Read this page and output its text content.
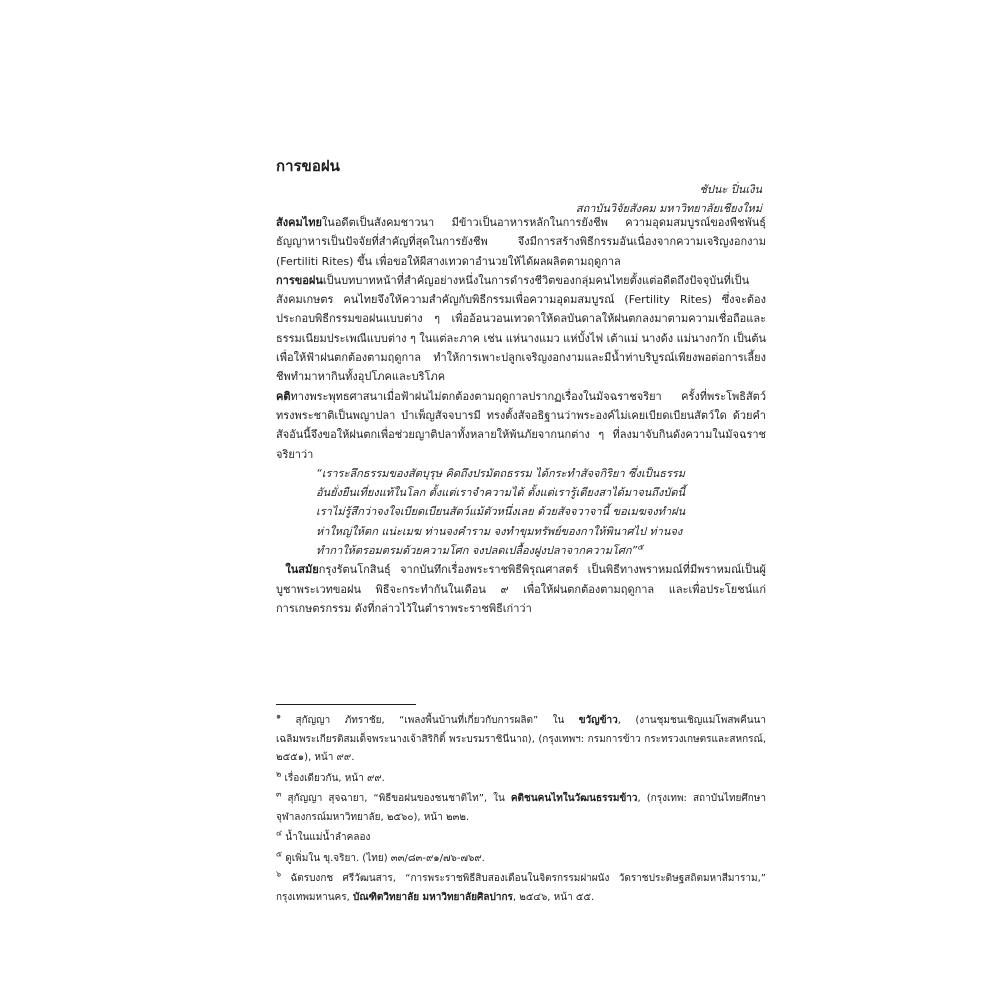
การขอฝน
ชัปนะ ปิ่นเงิน
สถาบันวิจัยสังคม มหาวิทยาลัยเชียงใหม่

สังคมไทยในอดีตเป็นสังคมชาวนา มีข้าวเป็นอาหารหลักในการยังชีพ ความอุดมสมบูรณ์ของพืชพันธุ์ธัญญาหารเป็นปัจจัยที่สำคัญที่สุดในการยังชีพ จึงมีการสร้างพิธีกรรมอันเนื่องจากความเจริญงอกงาม (Fertiliti Rites) ขึ้น เพื่อขอให้ผีสางเทวดาอำนวยให้ได้ผลผลิตตามฤดูกาล

การขอฝนเป็นบทบาทหน้าที่สำคัญอย่างหนึ่งในการดำรงชีวิตของกลุ่มคนไทยตั้งแต่อดีตถึงปัจจุบันที่เป็นสังคมเกษตร คนไทยจึงให้ความสำคัญกับพิธีกรรมเพื่อความอุดมสมบูรณ์ (Fertility Rites) ซึ่งจะต้องประกอบพิธีกรรมขอฝนแบบต่าง ๆ เพื่ออ้อนวอนเทวดาให้ดลบันดาลให้ฝนตกลงมาตามความเชื่อถือและธรรมเนียมประเพณีแบบต่าง ๆ ในแต่ละภาค เช่น แห่นางแมว แห่บั้งไฟ เต้าแม่ นางด้ง แม่นางกวัก เป็นต้น เพื่อให้ฟ้าฝนตกต้องตามฤดูกาล ทำให้การเพาะปลูกเจริญงอกงามและมีน้ำท่าบริบูรณ์เพียงพอต่อการเลี้ยงชีพทำมาหากินทั้งอุปโภคและบริโภค

คติทางพระพุทธศาสนาเมื่อฟ้าฝนไม่ตกต้องตามฤดูกาลปรากฏเรื่องในมัจฉราชจริยา ครั้งที่พระโพธิสัตว์ทรงพระชาติเป็นพญาปลา บำเพ็ญสัจจบารมี ทรงตั้งสัจอธิฐานว่าพระองค์ไม่เคยเบียดเบียนสัตว์ใด ด้วยคำสัจอันนี้จึงขอให้ฝนตกเพื่อช่วยญาติปลาทั้งหลายให้พ้นภัยจากนกต่าง ๆ ที่ลงมาจับกินดังความในมัจฉราชจริยาว่า

“เราระลึกธรรมของสัตบุรุษ คิดถึงปรมัตถธรรม ได้กระทำสัจจกิริยา ซึ่งเป็นธรรม

อันยั่งยืนเที่ยงแท้ในโลก ตั้งแต่เราจำความได้ ตั้งแต่เรารู้เดียงสาได้มาจนถึงบัดนี้

เราไม่รู้สึกว่าจงใจเบียดเบียนสัตว์แม้ตัวหนึ่งเลย ด้วยสัจจวาจานี้ ขอเมฆจงทำฝน

ห่าใหญ่ให้ตก แน่ะเมฆ ท่านจงคำราม จงทำขุมทรัพย์ของกาให้พินาศไป ท่านจง

ทำกาให้ตรอมตรมด้วยความโศก จงปลดเปลื้องฝูงปลาจากความโศก”$^๕$

ในสมัยกรุงรัตนโกสินธุ์ จากบันทึกเรื่องพระราชพิธีพิรุณศาสตร์ เป็นพิธีทางพราหมณ์ที่มีพราหมณ์เป็นผู้บูชาพระเวทขอฝน พิธีจะกระทำกันในเดือน ๙ เพื่อให้ฝนตกต้องตามฤดูกาล และเพื่อประโยชน์แก่การเกษตรกรรม ดังที่กล่าวไว้ในตำราพระราชพิธีเก่าว่า

$^๑$ สุกัญญา ภัทราชัย, “เพลงพื้นบ้านที่เกี่ยวกับการผลิต” ใน ขวัญข้าว, (งานชุมชนเชิญแม่โพสพคืนนาเฉลิมพระเกียรติสมเด็จพระนางเจ้าสิริกิติ์ พระบรมราชินีนาถ), (กรุงเทพฯ: กรมการข้าว กระทรวงเกษตรและสหกรณ์, ๒๕๕๑), หน้า ๙๙.

$^๒$ เรื่องเดียวกัน, หน้า ๙๙.

$^๓$ สุกัญญา สุจฉายา, “พิธีขอฝนของชนชาติไท”, ใน คติชนคนไทในวัฒนธรรมข้าว, (กรุงเทพ: สถาบันไทยศึกษา จุฬาลงกรณ์มหาวิทยาลัย, ๒๕๖๐), หน้า ๒๓๒.

$^๔$ น้ำในแม่น้ำลำคลอง

$^๕$ ดูเพิ่มใน ขุ.จริยา. (ไทย) ๓๓/๘๓-๙๑/๗๖-๗๖๙.

$^๖$ ฉัตรบงกช ศรีวัฒนสาร, “การพระราชพิธีสิบสองเดือนในจิตรกรรมฝาผนัง วัดราชประดิษฐสถิตมหาสีมาราม,” กรุงเทพมหานคร, บัณฑิตวิทยาลัย มหาวิทยาลัยศิลปากร, ๒๕๔๖, หน้า ๕๕.
